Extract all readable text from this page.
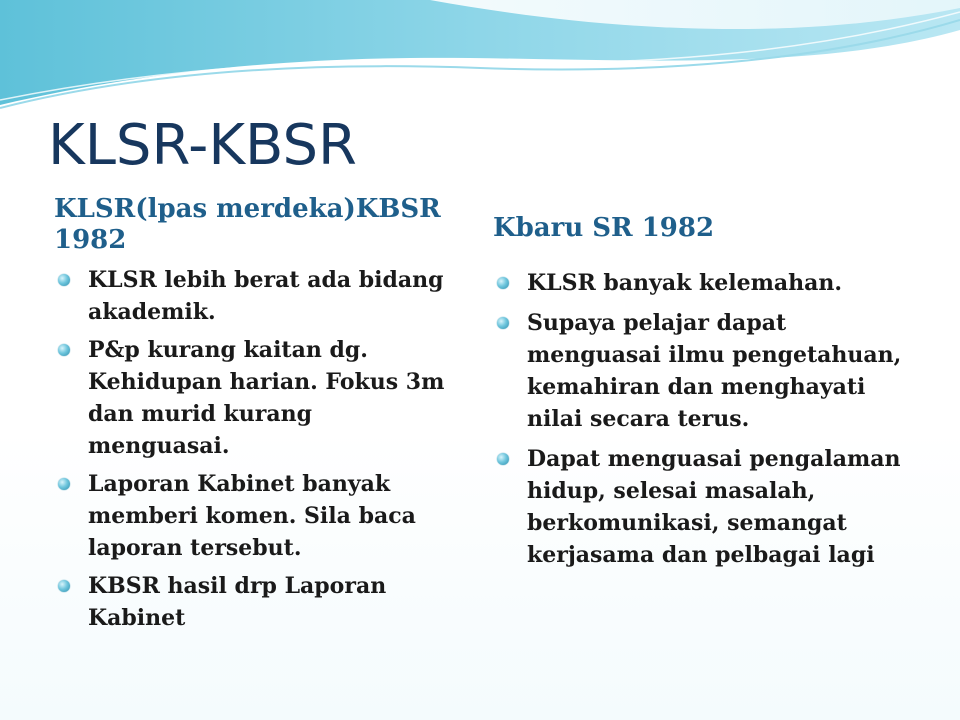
KLSR-KBSR
KLSR(lpas merdeka)KBSR 1982
KLSR lebih berat ada bidang akademik.
P&p kurang kaitan dg. Kehidupan harian. Fokus 3m dan murid kurang menguasai.
Laporan Kabinet banyak memberi komen. Sila baca laporan tersebut.
KBSR hasil drp Laporan Kabinet
Kbaru SR 1982
KLSR banyak kelemahan.
Supaya pelajar dapat menguasai ilmu pengetahuan, kemahiran dan menghayati nilai secara terus.
Dapat menguasai pengalaman hidup, selesai masalah, berkomunikasi, semangat kerjasama dan pelbagai lagi
